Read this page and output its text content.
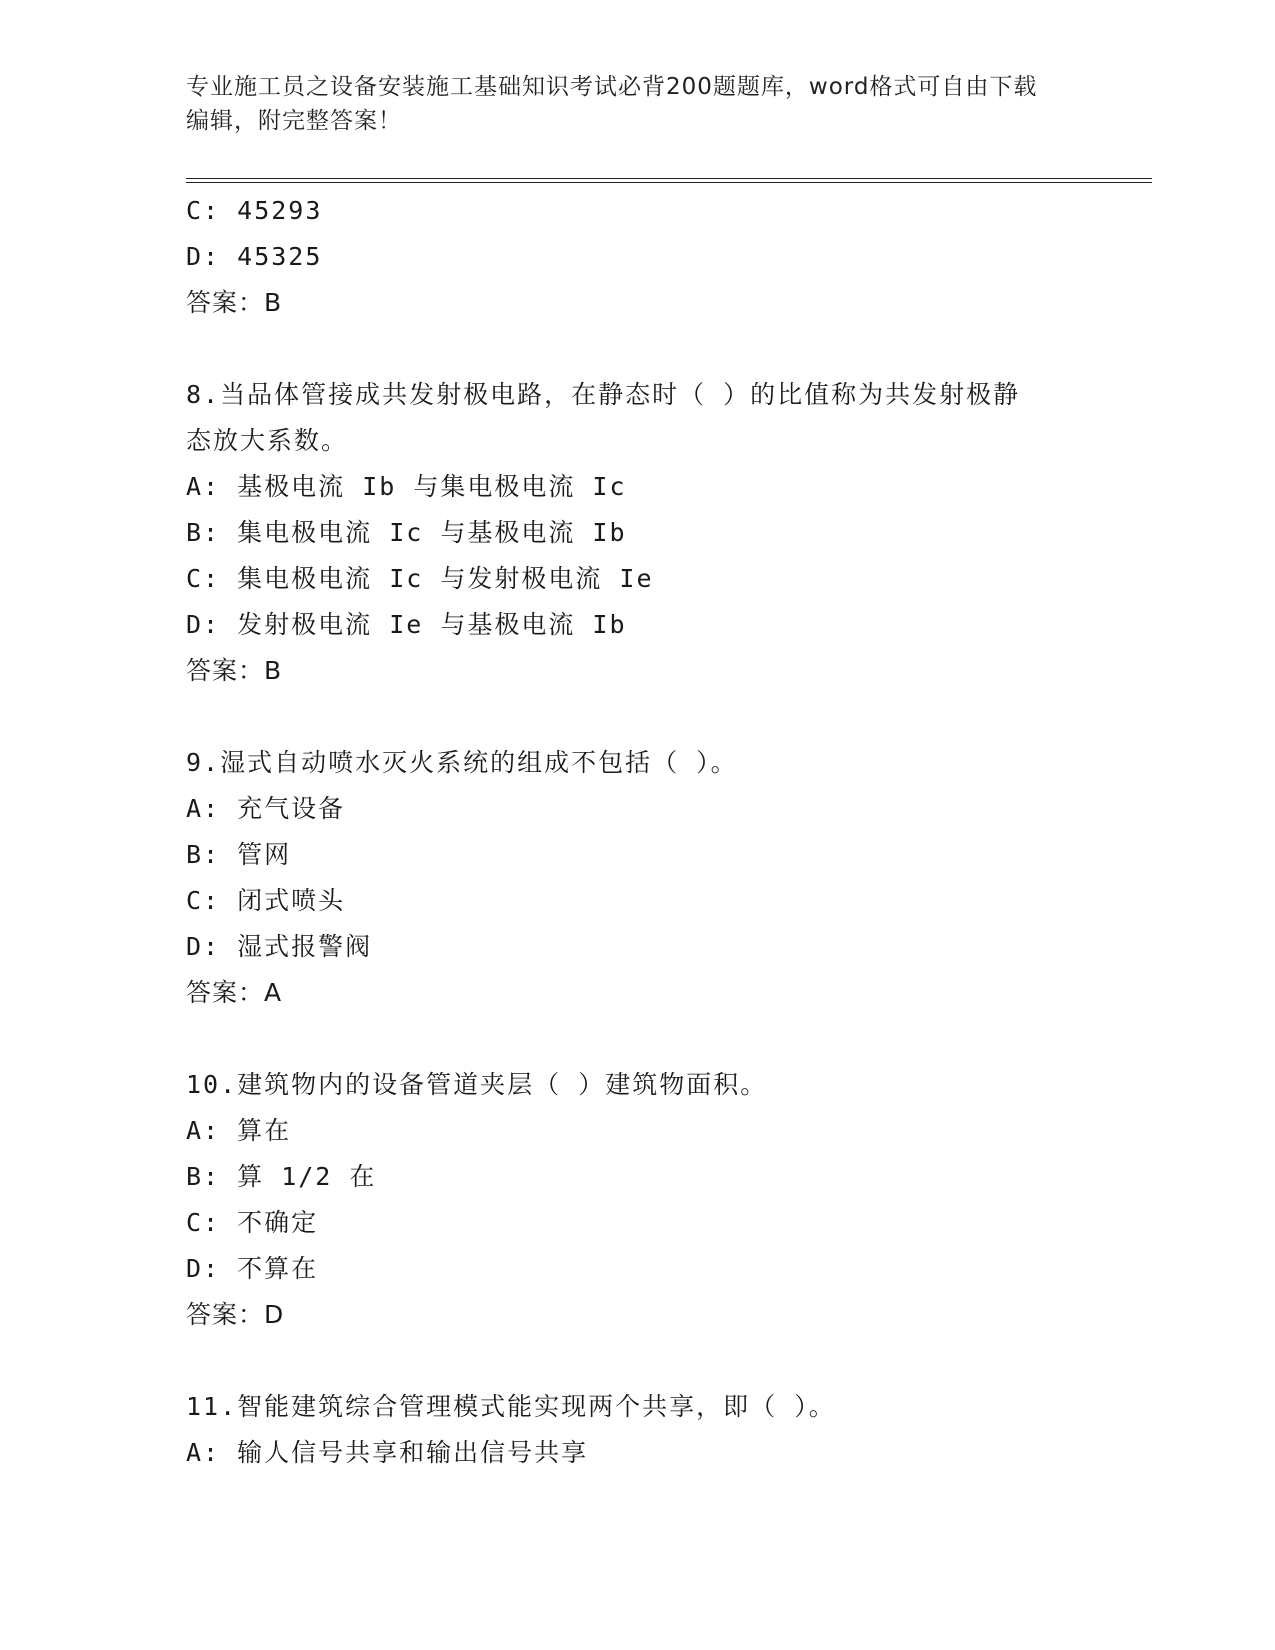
专业施工员之设备安装施工基础知识考试必背200题题库，word格式可自由下载
编辑，附完整答案！
C: 45293
D: 45325
答案：B
8.当品体管接成共发射极电路，在静态时（ ）的比值称为共发射极静
态放大系数。
A: 基极电流 Ib 与集电极电流 Ic
B: 集电极电流 Ic 与基极电流 Ib
C: 集电极电流 Ic 与发射极电流 Ie
D: 发射极电流 Ie 与基极电流 Ib
答案：B
9.湿式自动喷水灭火系统的组成不包括（ ）。
A: 充气设备
B: 管网
C: 闭式喷头
D: 湿式报警阀
答案：A
10.建筑物内的设备管道夹层（ ）建筑物面积。
A: 算在
B: 算 1/2 在
C: 不确定
D: 不算在
答案：D
11.智能建筑综合管理模式能实现两个共享，即（ ）。
A: 输人信号共享和输出信号共享
